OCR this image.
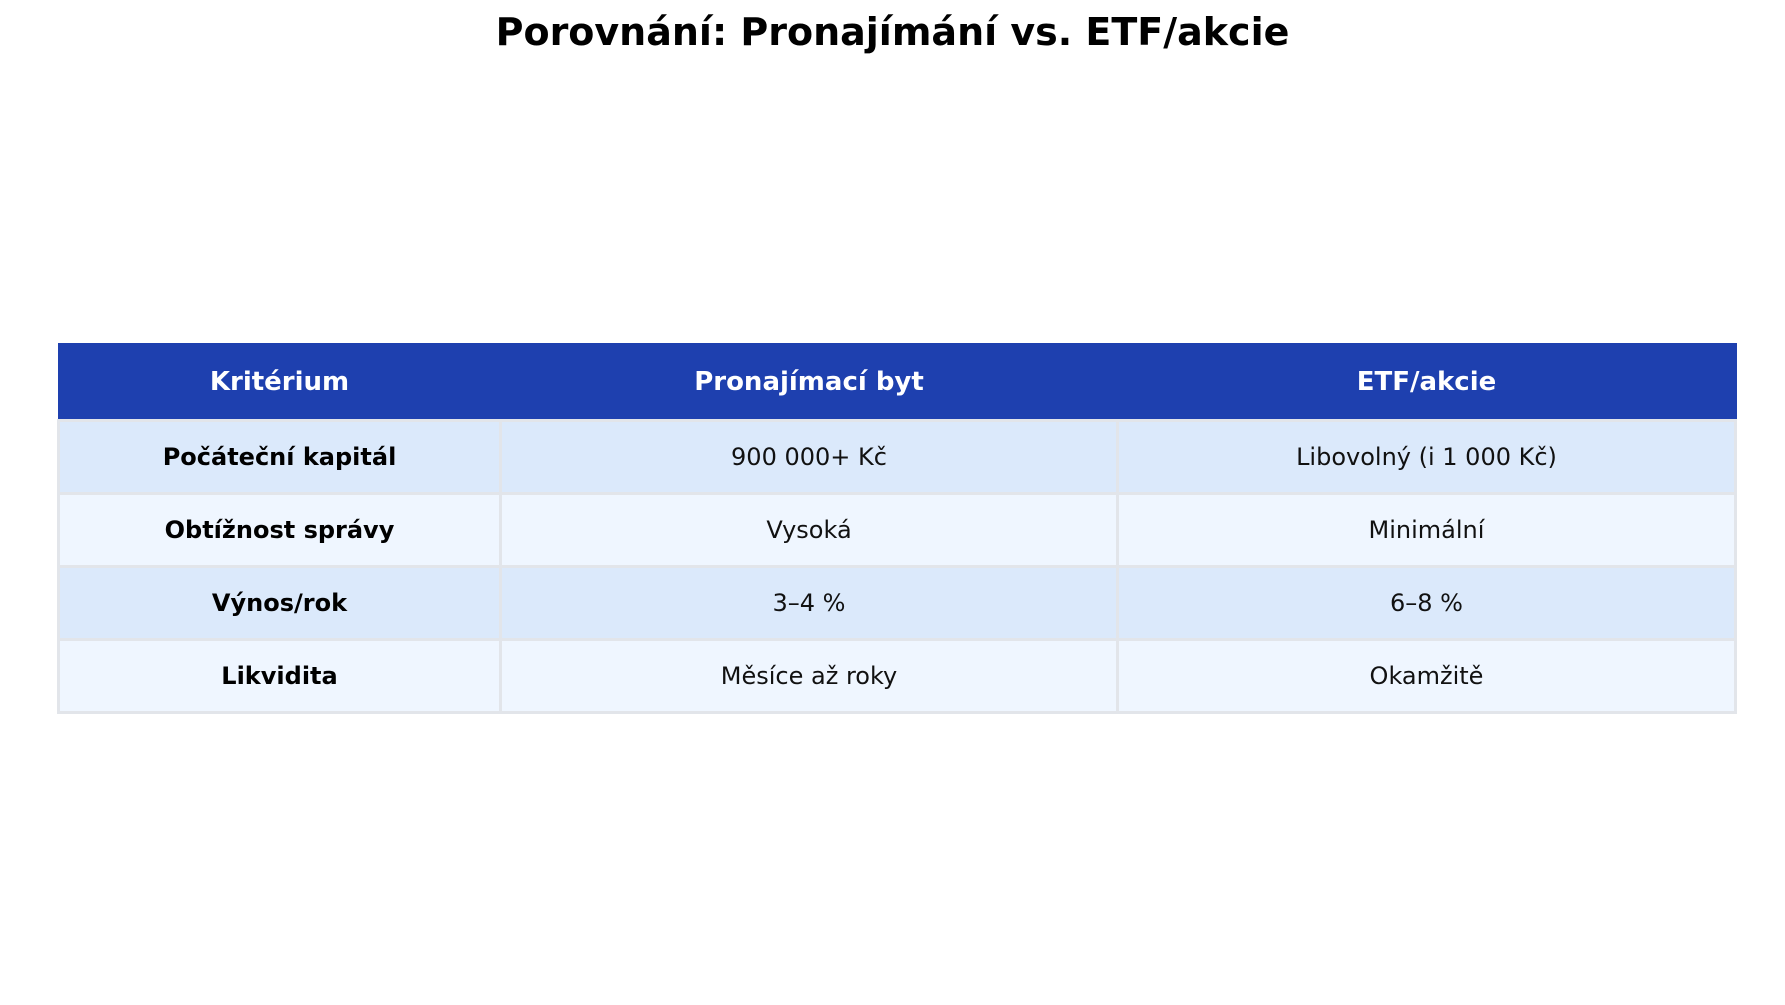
Porovnání: Pronajímání vs. ETF/akcie
Kritérium	Pronajímací byt	ETF/akcie
Počáteční kapitál	900 000+ Kč	Libovolný (i 1 000 Kč)
Obtížnost správy	Vysoká	Minimální
Výnos/rok	3–4 %	6–8 %
Likvidita	Měsíce až roky	Okamžitě
